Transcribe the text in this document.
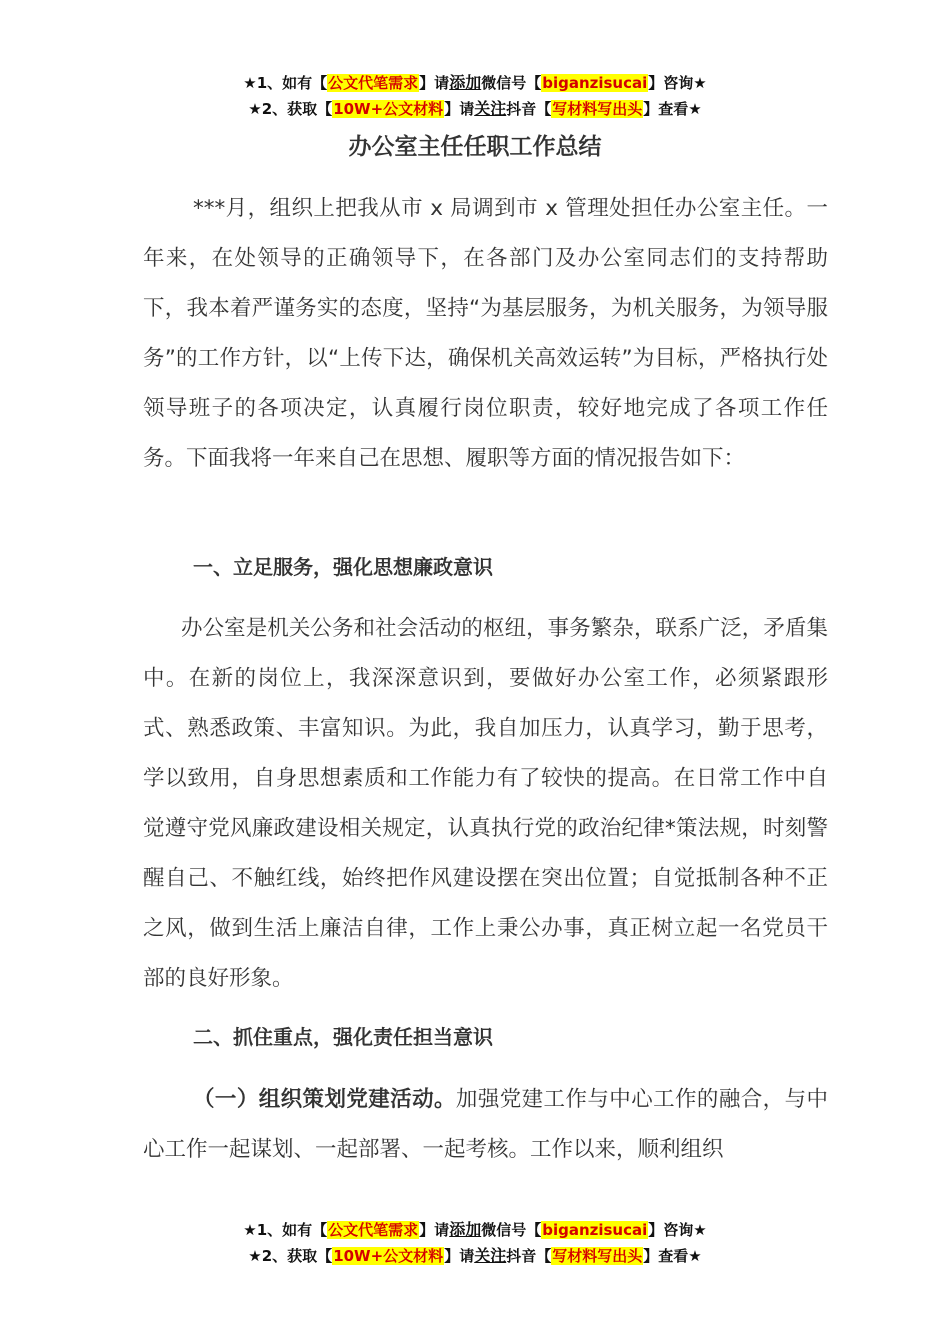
★1、如有【公文代笔需求】请添加微信号【biganzisucai】咨询★
★2、获取【10W+公文材料】请关注抖音【写材料写出头】查看★
办公室主任任职工作总结

***月，组织上把我从市 x 局调到市 x 管理处担任办公室主任。一年来，在处领导的正确领导下，在各部门及办公室同志们的支持帮助下，我本着严谨务实的态度，坚持“为基层服务，为机关服务，为领导服务”的工作方针，以“上传下达，确保机关高效运转”为目标，严格执行处领导班子的各项决定，认真履行岗位职责，较好地完成了各项工作任务。下面我将一年来自己在思想、履职等方面的情况报告如下：

一、立足服务，强化思想廉政意识

办公室是机关公务和社会活动的枢纽，事务繁杂，联系广泛，矛盾集中。在新的岗位上，我深深意识到，要做好办公室工作，必须紧跟形式、熟悉政策、丰富知识。为此，我自加压力，认真学习，勤于思考，学以致用，自身思想素质和工作能力有了较快的提高。在日常工作中自觉遵守党风廉政建设相关规定，认真执行党的政治纪律*策法规，时刻警醒自己、不触红线，始终把作风建设摆在突出位置；自觉抵制各种不正之风，做到生活上廉洁自律，工作上秉公办事，真正树立起一名党员干部的良好形象。

二、抓住重点，强化责任担当意识

（一）组织策划党建活动。加强党建工作与中心工作的融合，与中心工作一起谋划、一起部署、一起考核。工作以来，顺利组织

★1、如有【公文代笔需求】请添加微信号【biganzisucai】咨询★
★2、获取【10W+公文材料】请关注抖音【写材料写出头】查看★
